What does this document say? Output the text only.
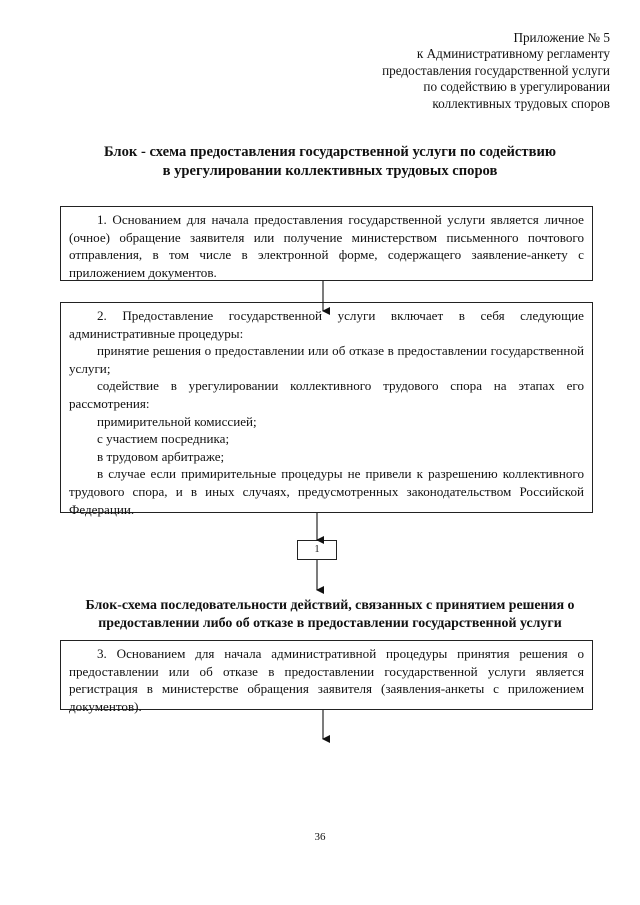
Приложение № 5
к Административному регламенту
предоставления государственной услуги
по содействию в урегулировании
коллективных трудовых споров
Блок - схема предоставления государственной услуги по содействию
в урегулировании коллективных трудовых споров

1. Основанием для начала предоставления государственной услуги является личное (очное) обращение заявителя или получение министерством письменного почтового отправления, в том числе в электронной форме, содержащего заявление-анкету с приложением документов.

2. Предоставление государственной услуги включает в себя следующие административные процедуры:

принятие решения о предоставлении или об отказе в предоставлении государственной услуги;

содействие в урегулировании коллективного трудового спора на этапах его рассмотрения:

примирительной комиссией;

с участием посредника;

в трудовом арбитраже;

в случае если примирительные процедуры не привели к разрешению коллективного трудового спора, и в иных случаях, предусмотренных законодательством Российской Федерации.

1
Блок-схема последовательности действий, связанных с принятием решения о
предоставлении либо об отказе в предоставлении государственной услуги

3. Основанием для начала административной процедуры принятия решения о предоставлении или об отказе в предоставлении государственной услуги является регистрация в министерстве обращения заявителя (заявления-анкеты с приложением документов).

36
